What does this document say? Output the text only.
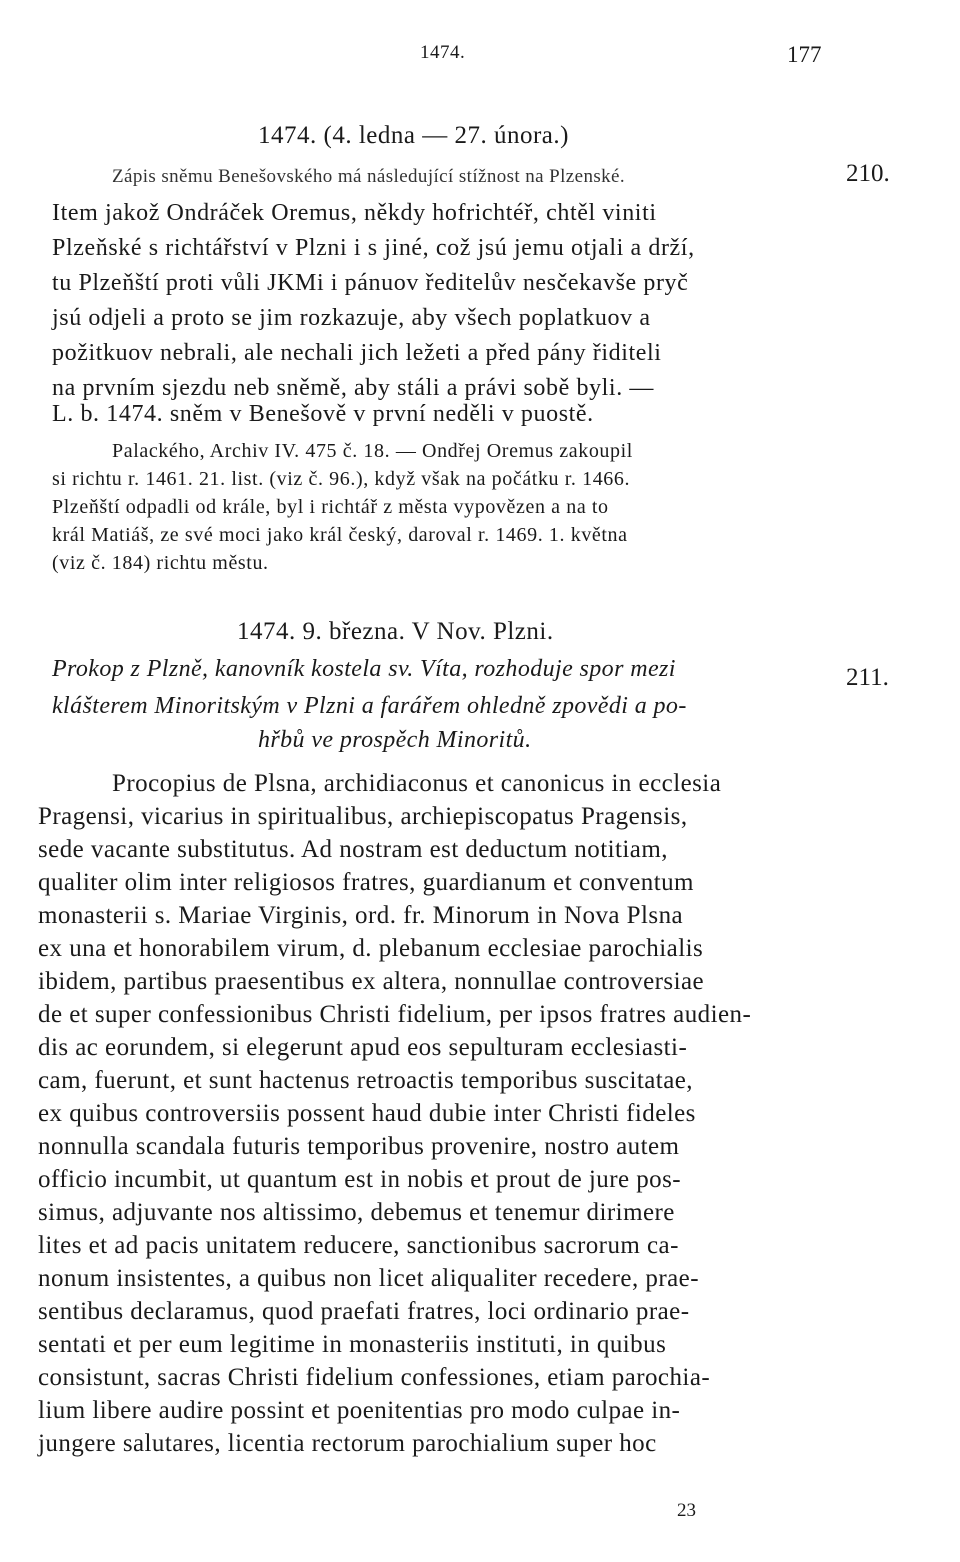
1474.	177
1474. (4. ledna — 27. února.)
210.
Zápis sněmu Benešovského má následující stížnost na Plzenské.
Item jakož Ondráček Oremus, někdy hofrichtéř, chtěl viniti
Plzeňské s richtářství v Plzni i s jiné, což jsú jemu otjali a drží,
tu Plzeňští proti vůli JKMi i pánuov ředitelův nesčekavše pryč
jsú odjeli a proto se jim rozkazuje, aby všech poplatkuov a
požitkuov nebrali, ale nechali jich ležeti a před pány řiditeli
na prvním sjezdu neb sněmě, aby stáli a právi sobě byli. —
L. b. 1474. sněm v Benešově v první neděli v puostě.
Palackého, Archiv IV. 475 č. 18. — Ondřej Oremus zakoupil
si richtu r. 1461. 21. list. (viz č. 96.), když však na počátku r. 1466.
Plzeňští odpadli od krále, byl i richtář z města vypovězen a na to
král Matiáš, ze své moci jako král český, daroval r. 1469. 1. května
(viz č. 184) richtu městu.
1474. 9. března. V Nov. Plzni.
211.
Prokop z Plzně, kanovník kostela sv. Víta, rozhoduje spor mezi
klášterem Minoritským v Plzni a farářem ohledně zpovědi a po-
hřbů ve prospěch Minoritů.
Procopius de Plsna, archidiaconus et canonicus in ecclesia
Pragensi, vicarius in spiritualibus, archiepiscopatus Pragensis,
sede vacante substitutus. Ad nostram est deductum notitiam,
qualiter olim inter religiosos fratres, guardianum et conventum
monasterii s. Mariae Virginis, ord. fr. Minorum in Nova Plsna
ex una et honorabilem virum, d. plebanum ecclesiae parochialis
ibidem, partibus praesentibus ex altera, nonnullae controversiae
de et super confessionibus Christi fidelium, per ipsos fratres audien-
dis ac eorundem, si elegerunt apud eos sepulturam ecclesiasti-
cam, fuerunt, et sunt hactenus retroactis temporibus suscitatae,
ex quibus controversiis possent haud dubie inter Christi fideles
nonnulla scandala futuris temporibus provenire, nostro autem
officio incumbit, ut quantum est in nobis et prout de jure pos-
simus, adjuvante nos altissimo, debemus et tenemur dirimere
lites et ad pacis unitatem reducere, sanctionibus sacrorum ca-
nonum insistentes, a quibus non licet aliqualiter recedere, prae-
sentibus declaramus, quod praefati fratres, loci ordinario prae-
sentati et per eum legitime in monasteriis instituti, in quibus
consistunt, sacras Christi fidelium confessiones, etiam parochia-
lium libere audire possint et poenitentias pro modo culpae in-
jungere salutares, licentia rectorum parochialium super hoc
23
